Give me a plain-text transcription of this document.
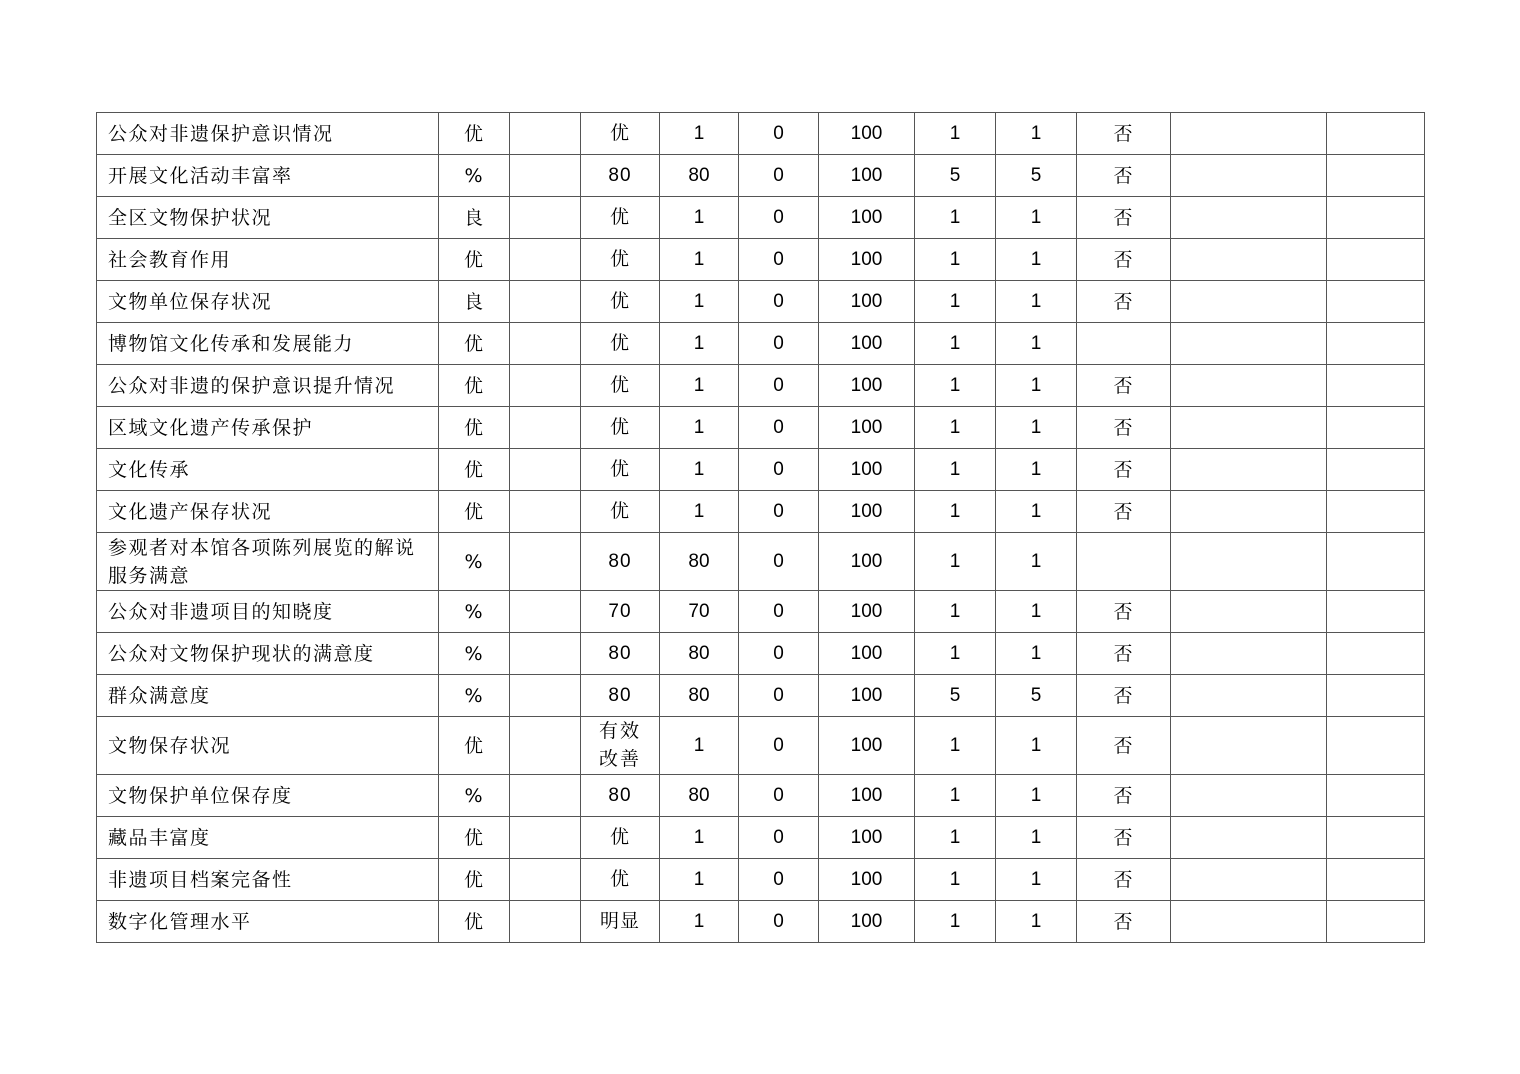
公众对非遗保护意识情况	优		优	1	0	100	1	1	否		
开展文化活动丰富率	%		80	80	0	100	5	5	否		
全区文物保护状况	良		优	1	0	100	1	1	否		
社会教育作用	优		优	1	0	100	1	1	否		
文物单位保存状况	良		优	1	0	100	1	1	否		
博物馆文化传承和发展能力	优		优	1	0	100	1	1			
公众对非遗的保护意识提升情况	优		优	1	0	100	1	1	否		
区域文化遗产传承保护	优		优	1	0	100	1	1	否		
文化传承	优		优	1	0	100	1	1	否		
文化遗产保存状况	优		优	1	0	100	1	1	否		
参观者对本馆各项陈列展览的解说服务满意	%		80	80	0	100	1	1			
公众对非遗项目的知晓度	%		70	70	0	100	1	1	否		
公众对文物保护现状的满意度	%		80	80	0	100	1	1	否		
群众满意度	%		80	80	0	100	5	5	否		
文物保存状况	优		有效改善	1	0	100	1	1	否		
文物保护单位保存度	%		80	80	0	100	1	1	否		
藏品丰富度	优		优	1	0	100	1	1	否		
非遗项目档案完备性	优		优	1	0	100	1	1	否		
数字化管理水平	优		明显	1	0	100	1	1	否		
